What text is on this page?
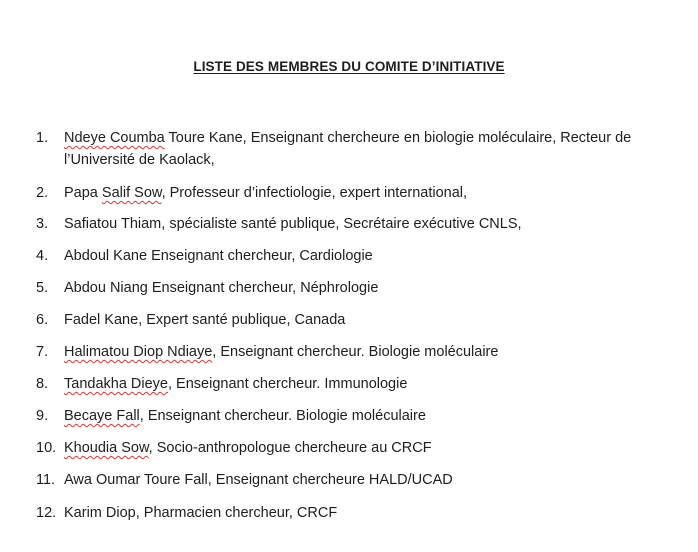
LISTE DES MEMBRES DU COMITE D’INITIATIVE
1.	Ndeye Coumba Toure Kane, Enseignant chercheure en biologie moléculaire, Recteur de l’Université de Kaolack,
2.	Papa Salif Sow, Professeur d’infectiologie, expert international,
3.	Safiatou Thiam, spécialiste santé publique, Secrétaire exécutive CNLS,
4.	Abdoul Kane Enseignant chercheur, Cardiologie
5.	Abdou Niang Enseignant chercheur, Néphrologie
6.	Fadel Kane, Expert santé publique, Canada
7.	Halimatou Diop Ndiaye, Enseignant chercheur. Biologie moléculaire
8.	Tandakha Dieye, Enseignant chercheur. Immunologie
9.	Becaye Fall, Enseignant chercheur. Biologie moléculaire
10. Khoudia Sow, Socio-anthropologue chercheure au CRCF
11. Awa Oumar Toure Fall, Enseignant chercheure HALD/UCAD
12. Karim Diop, Pharmacien chercheur, CRCF
